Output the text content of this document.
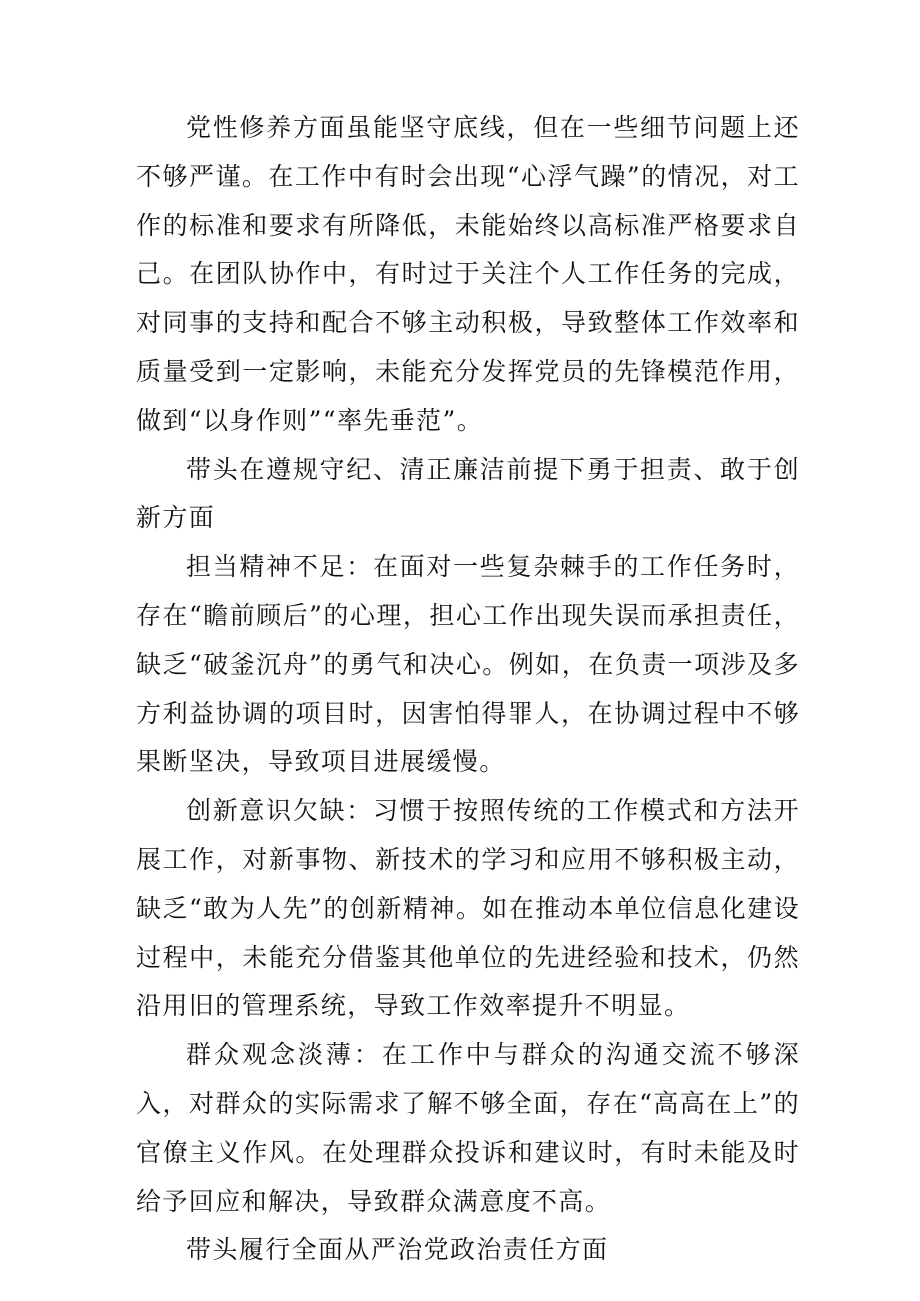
党性修养方面虽能坚守底线，但在一些细节问题上还不够严谨。在工作中有时会出现“心浮气躁”的情况，对工作的标准和要求有所降低，未能始终以高标准严格要求自己。在团队协作中，有时过于关注个人工作任务的完成，对同事的支持和配合不够主动积极，导致整体工作效率和质量受到一定影响，未能充分发挥党员的先锋模范作用，做到“以身作则”“率先垂范”。

带头在遵规守纪、清正廉洁前提下勇于担责、敢于创新方面

担当精神不足：在面对一些复杂棘手的工作任务时，存在“瞻前顾后”的心理，担心工作出现失误而承担责任，缺乏“破釜沉舟”的勇气和决心。例如，在负责一项涉及多方利益协调的项目时，因害怕得罪人，在协调过程中不够果断坚决，导致项目进展缓慢。

创新意识欠缺：习惯于按照传统的工作模式和方法开展工作，对新事物、新技术的学习和应用不够积极主动，缺乏“敢为人先”的创新精神。如在推动本单位信息化建设过程中，未能充分借鉴其他单位的先进经验和技术，仍然沿用旧的管理系统，导致工作效率提升不明显。

群众观念淡薄：在工作中与群众的沟通交流不够深入，对群众的实际需求了解不够全面，存在“高高在上”的官僚主义作风。在处理群众投诉和建议时，有时未能及时给予回应和解决，导致群众满意度不高。

带头履行全面从严治党政治责任方面
